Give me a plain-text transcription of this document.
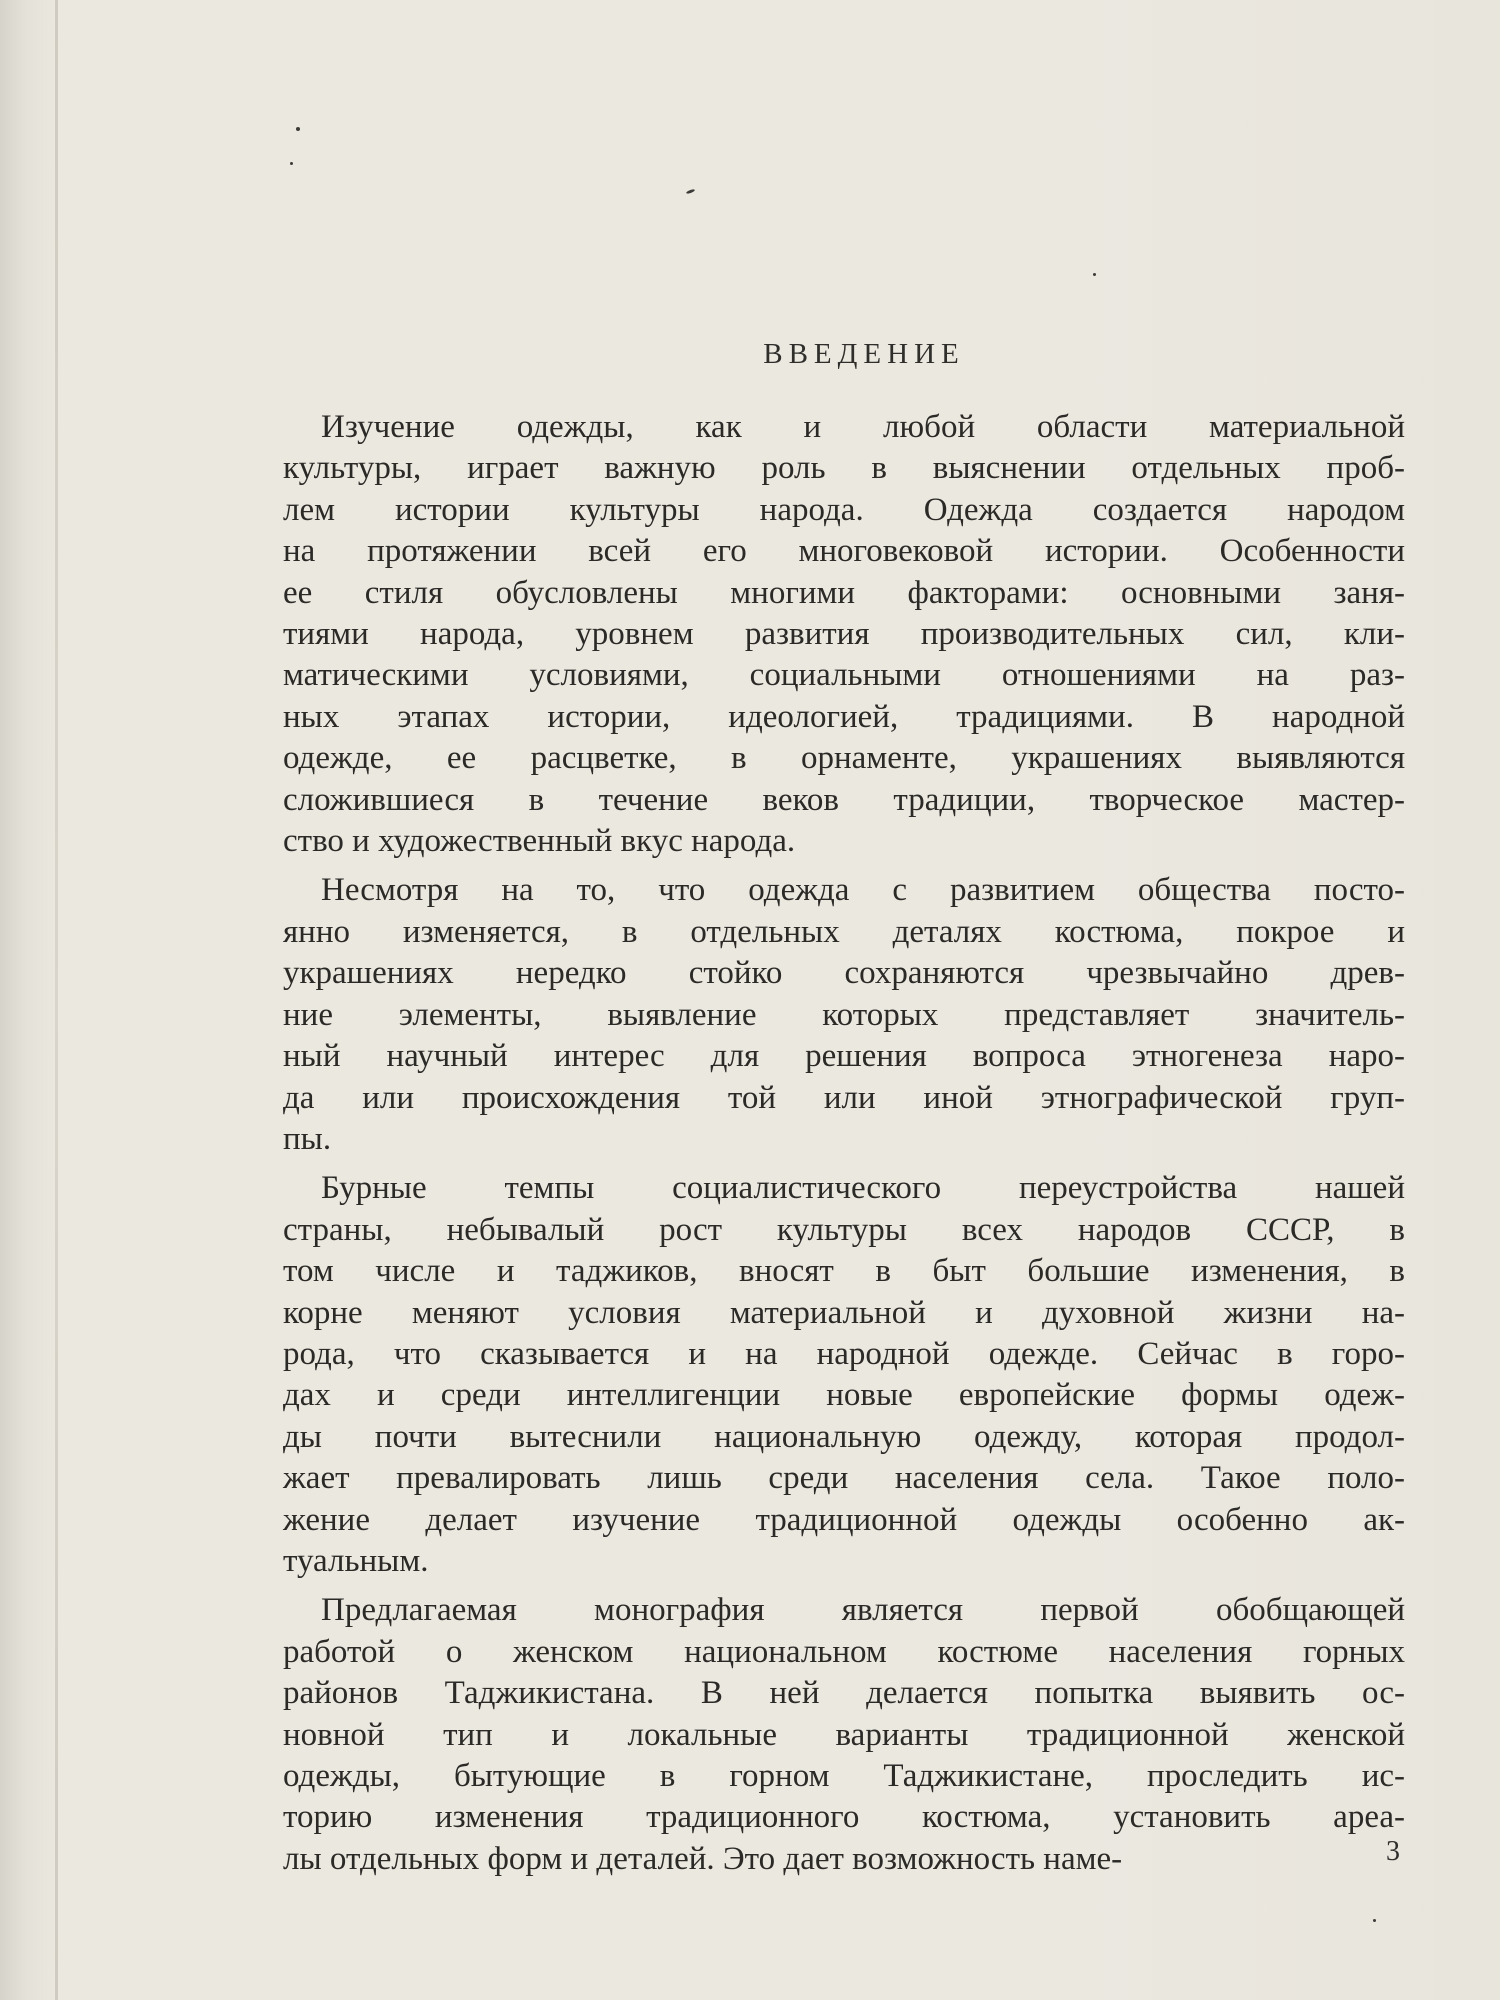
ВВЕДЕНИЕ
Изучение одежды, как и любой области материальной
культуры, играет важную роль в выяснении отдельных проб-
лем истории культуры народа. Одежда создается народом
на протяжении всей его многовековой истории. Особенности
ее стиля обусловлены многими факторами: основными заня-
тиями народа, уровнем развития производительных сил, кли-
матическими условиями, социальными отношениями на раз-
ных этапах истории, идеологией, традициями. В народной
одежде, ее расцветке, в орнаменте, украшениях выявляются
сложившиеся в течение веков традиции, творческое мастер-
ство и художественный вкус народа.
Несмотря на то, что одежда с развитием общества посто-
янно изменяется, в отдельных деталях костюма, покрое и
украшениях нередко стойко сохраняются чрезвычайно древ-
ние элементы, выявление которых представляет значитель-
ный научный интерес для решения вопроса этногенеза наро-
да или происхождения той или иной этнографической груп-
пы.
Бурные темпы социалистического переустройства нашей
страны, небывалый рост культуры всех народов СССР, в
том числе и таджиков, вносят в быт большие изменения, в
корне меняют условия материальной и духовной жизни на-
рода, что сказывается и на народной одежде. Сейчас в горо-
дах и среди интеллигенции новые европейские формы одеж-
ды почти вытеснили национальную одежду, которая продол-
жает превалировать лишь среди населения села. Такое поло-
жение делает изучение традиционной одежды особенно ак-
туальным.
Предлагаемая монография является первой обобщающей
работой о женском национальном костюме населения горных
районов Таджикистана. В ней делается попытка выявить ос-
новной тип и локальные варианты традиционной женской
одежды, бытующие в горном Таджикистане, проследить ис-
торию изменения традиционного костюма, установить ареа-
лы отдельных форм и деталей. Это дает возможность наме-	3
